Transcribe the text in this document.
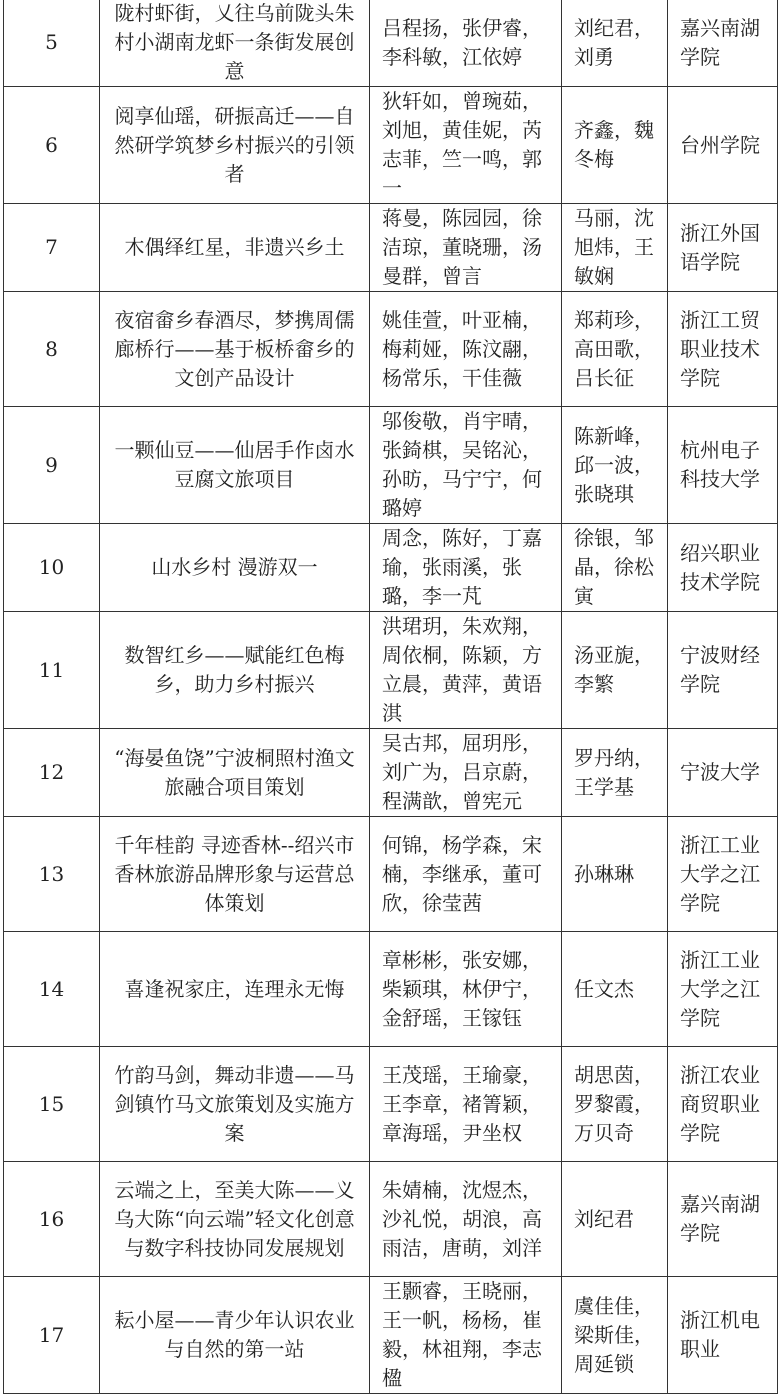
5	陇村虾街，乂往乌前陇头朱村小湖南龙虾一条街发展创意	吕程扬，张伊睿，李科敏，江依婷	刘纪君，刘勇	嘉兴南湖学院
6	阅享仙瑶，研振高迁——自然研学筑梦乡村振兴的引领者	狄轩如，曾琬茹，刘旭，黄佳妮，芮志菲，竺一鸣，郭一	齐鑫，魏冬梅	台州学院
7	木偶绎红星，非遗兴乡土	蒋曼，陈园园，徐洁琼，董晓珊，汤曼群，曾言	马丽，沈旭炜，王敏娴	浙江外国语学院
8	夜宿畲乡春酒尽，梦携周儒廊桥行——基于板桥畲乡的文创产品设计	姚佳萱，叶亚楠，梅莉娅，陈汶翮，杨常乐，干佳薇	郑莉珍，高田歌，吕长征	浙江工贸职业技术学院
9	一颗仙豆——仙居手作卤水豆腐文旅项目	邬俊敬，肖宇晴，张錡棋，吴铭沁，孙昉，马宁宁，何璐婷	陈新峰，邱一波，张晓琪	杭州电子科技大学
10	山水乡村 漫游双一	周念，陈好，丁嘉瑜，张雨溪，张璐，李一芃	徐银，邹晶，徐松寅	绍兴职业技术学院
11	数智红乡——赋能红色梅乡，助力乡村振兴	洪珺玥，朱欢翔，周依桐，陈颖，方立晨，黄萍，黄语淇	汤亚旎，李繁	宁波财经学院
12	“海晏鱼饶”宁波桐照村渔文旅融合项目策划	吴古邦，屈玥彤，刘广为，吕京蔚，程满歆，曾宪元	罗丹纳，王学基	宁波大学
13	千年桂韵 寻迹香林--绍兴市香林旅游品牌形象与运营总体策划	何锦，杨学森，宋楠，李继承，董可欣，徐莹茜	孙琳琳	浙江工业大学之江学院
14	喜逢祝家庄，连理永无悔	章彬彬，张安娜，柴颖琪，林伊宁，金舒瑶，王镓钰	任文杰	浙江工业大学之江学院
15	竹韵马剑，舞动非遗——马剑镇竹马文旅策划及实施方案	王茂瑶，王瑜豪，王李章，褚箐颖，章海瑶，尹坐权	胡思茵，罗黎霞，万贝奇	浙江农业商贸职业学院
16	云端之上，至美大陈——义乌大陈“向云端”轻文化创意与数字科技协同发展规划	朱婧楠，沈煜杰，沙礼悦，胡浪，高雨洁，唐萌，刘洋	刘纪君	嘉兴南湖学院
17	耘小屋——青少年认识农业与自然的第一站	王颢睿，王晓丽，王一帆，杨杨，崔毅，林祖翔，李志楹	虞佳佳，梁斯佳，周延锁	浙江机电职业
